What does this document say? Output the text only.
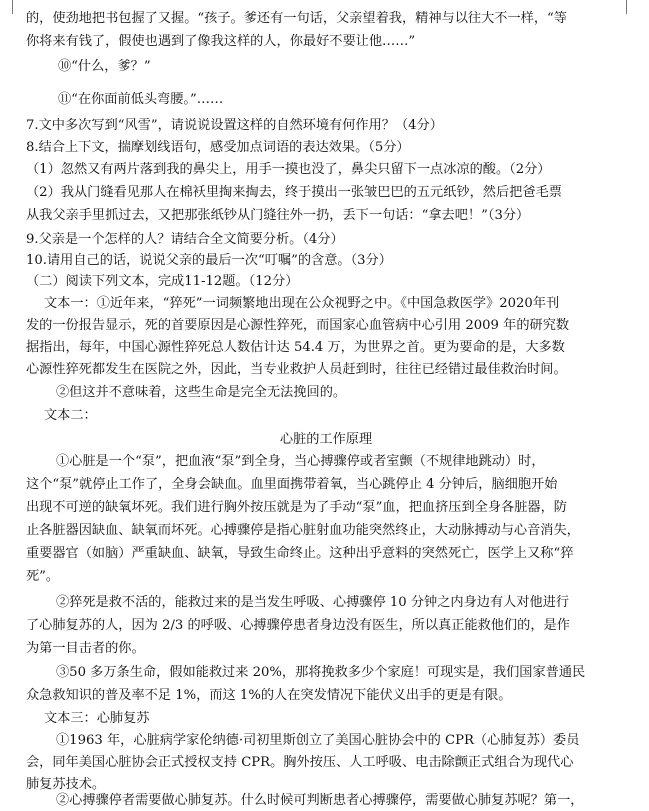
的，使劲地把书包握了又握。“孩子。爹还有一句话，父亲望着我，精神与以往大不一样，“等
你将来有钱了，假使也遇到了像我这样的人，你最好不要让他……”
⑩“什么，爹？”
⑪“在你面前低头弯腰。”……
7.文中多次写到“风雪”，请说说设置这样的自然环境有何作用？（4分）
8.结合上下文，揣摩划线语句，感受加点词语的表达效果。（5分）
（1）忽然又有两片落到我的鼻尖上，用手一摸也没了，鼻尖只留下一点冰凉的酸。（2分）
（2）我从门缝看见那人在棉袄里掏来掏去，终于摸出一张皱巴巴的五元纸钞，然后把爸毛票
从我父亲手里抓过去，又把那张纸钞从门缝往外一扔，丢下一句话：“拿去吧！”（3分）
9.父亲是一个怎样的人？请结合全文简要分析。（4分）
10.请用自己的话，说说父亲的最后一次“叮嘱”的含意。（3分）
（二）阅读下列文本，完成11-12题。（12分）
文本一：①近年来，“猝死”一词频繁地出现在公众视野之中。《中国急救医学》2020年刊
发的一份报告显示，死的首要原因是心源性猝死，而国家心血管病中心引用 2009 年的研究数
据指出，每年，中国心源性猝死总人数估计达 54.4 万，为世界之首。更为要命的是，大多数
心源性猝死都发生在医院之外，因此，当专业救护人员赶到时，往往已经错过最佳救治时间。
②但这并不意味着，这些生命是完全无法挽回的。
文本二：
心脏的工作原理
①心脏是一个“泵”，把血液“泵”到全身，当心搏骤停或者室颤（不规律地跳动）时，
这个“泵”就停止工作了，全身会缺血。血里面携带着氧，当心跳停止 4 分钟后，脑细胞开始
出现不可逆的缺氧坏死。我们进行胸外按压就是为了手动“泵”血，把血挤压到全身各脏器，防
止各脏器因缺血、缺氧而坏死。心搏骤停是指心脏射血功能突然终止，大动脉搏动与心音消失，
重要器官（如脑）严重缺血、缺氧，导致生命终止。这种出乎意料的突然死亡，医学上又称“猝
死”。
②猝死是救不活的，能救过来的是当发生呼吸、心搏骤停 10 分钟之内身边有人对他进行
了心肺复苏的人，因为 2/3 的呼吸、心搏骤停患者身边没有医生，所以真正能救他们的，是作
为第一目击者的你。
③50 多万条生命，假如能救过来 20%，那将挽救多少个家庭！可现实是，我们国家普通民
众急救知识的普及率不足 1%，而这 1%的人在突发情况下能伏义出手的更是有限。
文本三：心肺复苏
①1963 年，心脏病学家伦纳德·司初里斯创立了美国心脏协会中的 CPR（心肺复苏）委员
会，同年美国心脏协会正式授权支持 CPR。胸外按压、人工呼吸、电击除颤正式组合为现代心
肺复苏技术。
②心搏骤停者需要做心肺复苏。什么时候可判断患者心搏骤停，需要做心肺复苏呢？第一，
